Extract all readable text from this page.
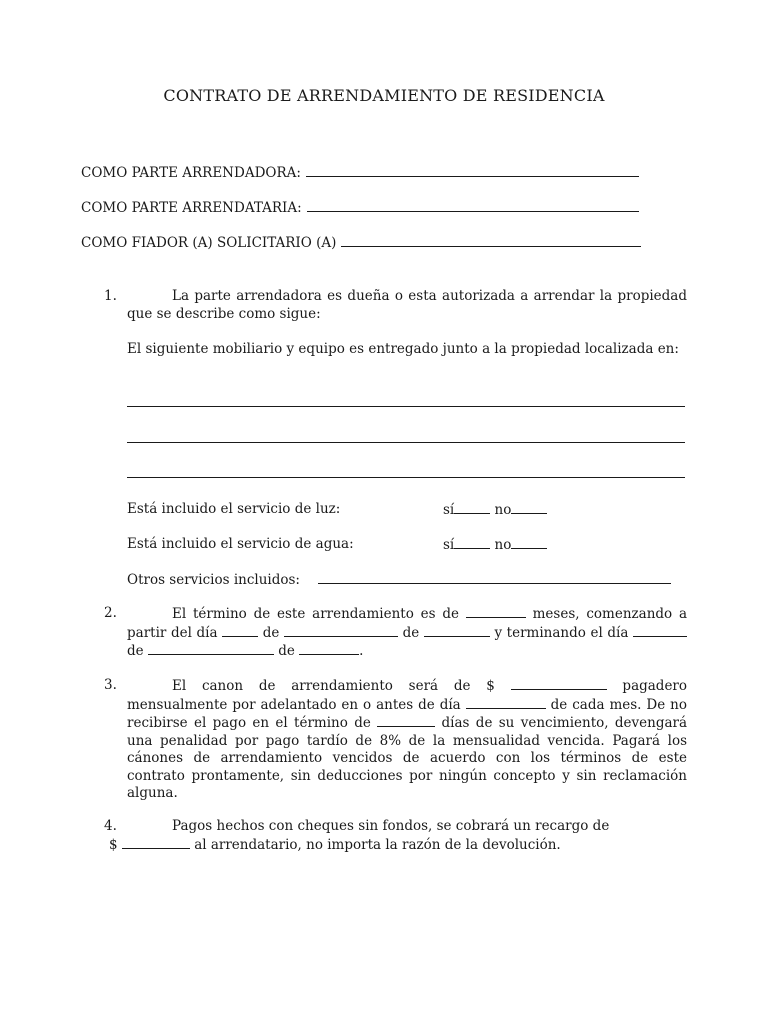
CONTRATO DE ARRENDAMIENTO DE RESIDENCIA
COMO PARTE ARRENDADORA:
COMO PARTE ARRENDATARIA:
COMO FIADOR (A) SOLICITARIO (A)
1.	La parte arrendadora es dueña o esta autorizada a arrendar la propiedad que se describe como sigue:
El siguiente mobiliario y equipo es entregado junto a la propiedad localizada en:
Está incluido el servicio de luz:	sí	no
Está incluido el servicio de agua:	sí	no
Otros servicios incluidos:
2.	El término de este arrendamiento es de	meses, comenzando a partir del día	de	de	y terminando el día de	de	.
3.	El canon de arrendamiento será de $	pagadero mensualmente por adelantado en o antes de día	de cada mes. De no recibirse el pago en el término de	días de su vencimiento, devengará una penalidad por pago tardío de 8% de la mensualidad vencida. Pagará los cánones de arrendamiento vencidos de acuerdo con los términos de este contrato prontamente, sin deducciones por ningún concepto y sin reclamación alguna.
4.	Pagos hechos con cheques sin fondos, se cobrará un recargo de
$	al arrendatario, no importa la razón de la devolución.
